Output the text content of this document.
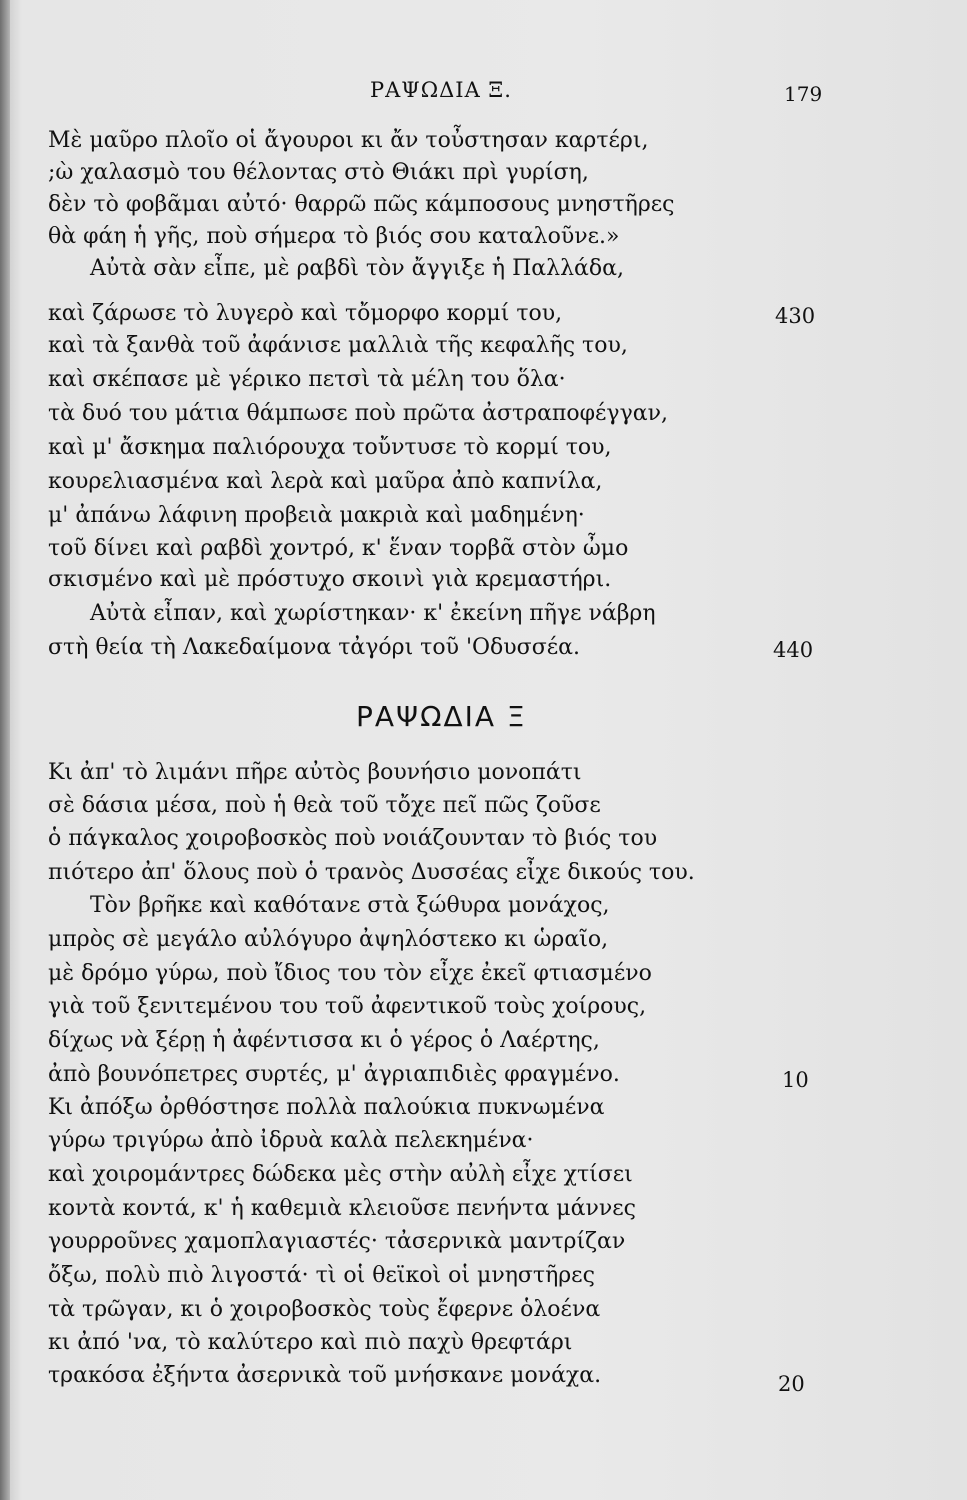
ΡΑΨΩΔΙΑ Ξ.	179
Μὲ μαῦρο πλοῖο οἱ ἄγουροι κι ἄν τοὖστησαν καρτέρι,
;ὼ χαλασμὸ του θέλοντας στὸ Θιάκι πρὶ γυρίση,
δὲν τὸ φοβᾶμαι αὐτό· θαρρῶ πῶς κάμποσους μνηστῆρες
θὰ φάη ἡ γῆς, ποὺ σήμερα τὸ βιός σου καταλοῦνε.»
Αὐτὰ σὰν εἶπε, μὲ ραβδὶ τὸν ἄγγιξε ἡ Παλλάδα,
καὶ ζάρωσε τὸ λυγερὸ καὶ τὄμορφο κορμί του,
καὶ τὰ ξανθὰ τοῦ ἀφάνισε μαλλιὰ τῆς κεφαλῆς του,
καὶ σκέπασε μὲ γέρικο πετσὶ τὰ μέλη του ὅλα·
τὰ δυό του μάτια θάμπωσε ποὺ πρῶτα ἀστραποφέγγαν,
καὶ μ' ἄσκημα παλιόρουχα τοὔντυσε τὸ κορμί του,
κουρελιασμένα καὶ λερὰ καὶ μαῦρα ἀπὸ καπνίλα,
μ' ἀπάνω λάφινη προβειὰ μακριὰ καὶ μαδημένη·
τοῦ δίνει καὶ ραβδὶ χοντρό, κ' ἕναν τορβᾶ στὸν ὦμο
σκισμένο καὶ μὲ πρόστυχο σκοινὶ γιὰ κρεμαστήρι.
Αὐτὰ εἶπαν, καὶ χωρίστηκαν· κ' ἐκείνη πῆγε νάβρη
στὴ θεία τὴ Λακεδαίμονα τἀγόρι τοῦ 'Οδυσσέα.
430
440
ΡΑΨΩΔΙΑ Ξ
Κι ἀπ' τὸ λιμάνι πῆρε αὐτὸς βουνήσιο μονοπάτι
σὲ δάσια μέσα, ποὺ ἡ θεὰ τοῦ τὄχε πεῖ πῶς ζοῦσε
ὁ πάγκαλος χοιροβοσκὸς ποὺ νοιάζουνταν τὸ βιός του
πιότερο ἀπ' ὅλους ποὺ ὁ τρανὸς Δυσσέας εἶχε δικούς του.
Τὸν βρῆκε καὶ καθότανε στὰ ξώθυρα μονάχος,
μπρὸς σὲ μεγάλο αὐλόγυρο ἀψηλόστεκο κι ὡραῖο,
μὲ δρόμο γύρω, ποὺ ἴδιος του τὸν εἶχε ἐκεῖ φτιασμένο
γιὰ τοῦ ξενιτεμένου του τοῦ ἀφεντικοῦ τοὺς χοίρους,
δίχως νὰ ξέρῃ ἡ ἀφέντισσα κι ὁ γέρος ὁ Λαέρτης,
ἀπὸ βουνόπετρες συρτές, μ' ἀγριαπιδιὲς φραγμένο.
Κι ἀπόξω ὀρθόστησε πολλὰ παλούκια πυκνωμένα
γύρω τριγύρω ἀπὸ ἰδρυὰ καλὰ πελεκημένα·
καὶ χοιρομάντρες δώδεκα μὲς στὴν αὐλὴ εἶχε χτίσει
κοντὰ κοντά, κ' ἡ καθεμιὰ κλειοῦσε πενήντα μάννες
γουρροῦνες χαμοπλαγιαστές· τἀσερνικὰ μαντρίζαν
ὄξω, πολὺ πιὸ λιγοστά· τὶ οἱ θεϊκοὶ οἱ μνηστῆρες
τὰ τρῶγαν, κι ὁ χοιροβοσκὸς τοὺς ἔφερνε ὁλοένα
κι ἀπό 'να, τὸ καλύτερο καὶ πιὸ παχὺ θρεφτάρι
τρακόσα ἐξήντα ἀσερνικὰ τοῦ μνήσκανε μονάχα.
10
20
